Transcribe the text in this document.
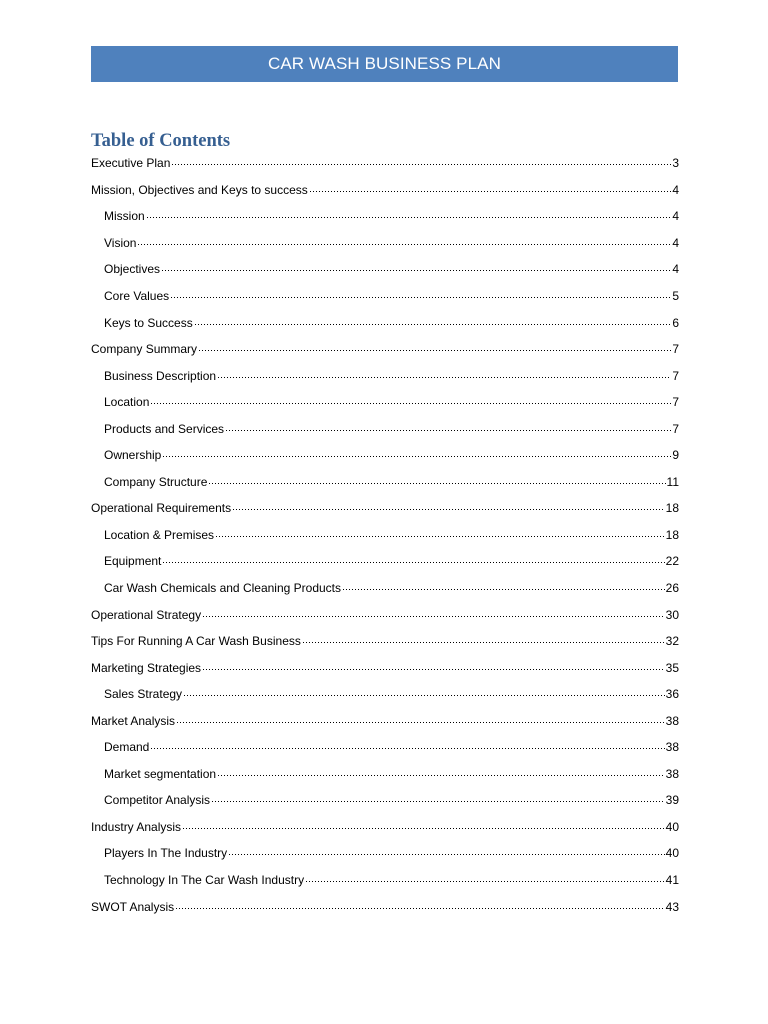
CAR WASH BUSINESS PLAN
Table of Contents
Executive Plan	3
Mission, Objectives and Keys to success	4
Mission	4
Vision	4
Objectives	4
Core Values	5
Keys to Success	6
Company Summary	7
Business Description	7
Location	7
Products and Services	7
Ownership	9
Company Structure	11
Operational Requirements	18
Location & Premises	18
Equipment	22
Car Wash Chemicals and Cleaning Products	26
Operational Strategy	30
Tips For Running A Car Wash Business	32
Marketing Strategies	35
Sales Strategy	36
Market Analysis	38
Demand	38
Market segmentation	38
Competitor Analysis	39
Industry Analysis	40
Players In The Industry	40
Technology In The Car Wash Industry	41
SWOT Analysis	43
